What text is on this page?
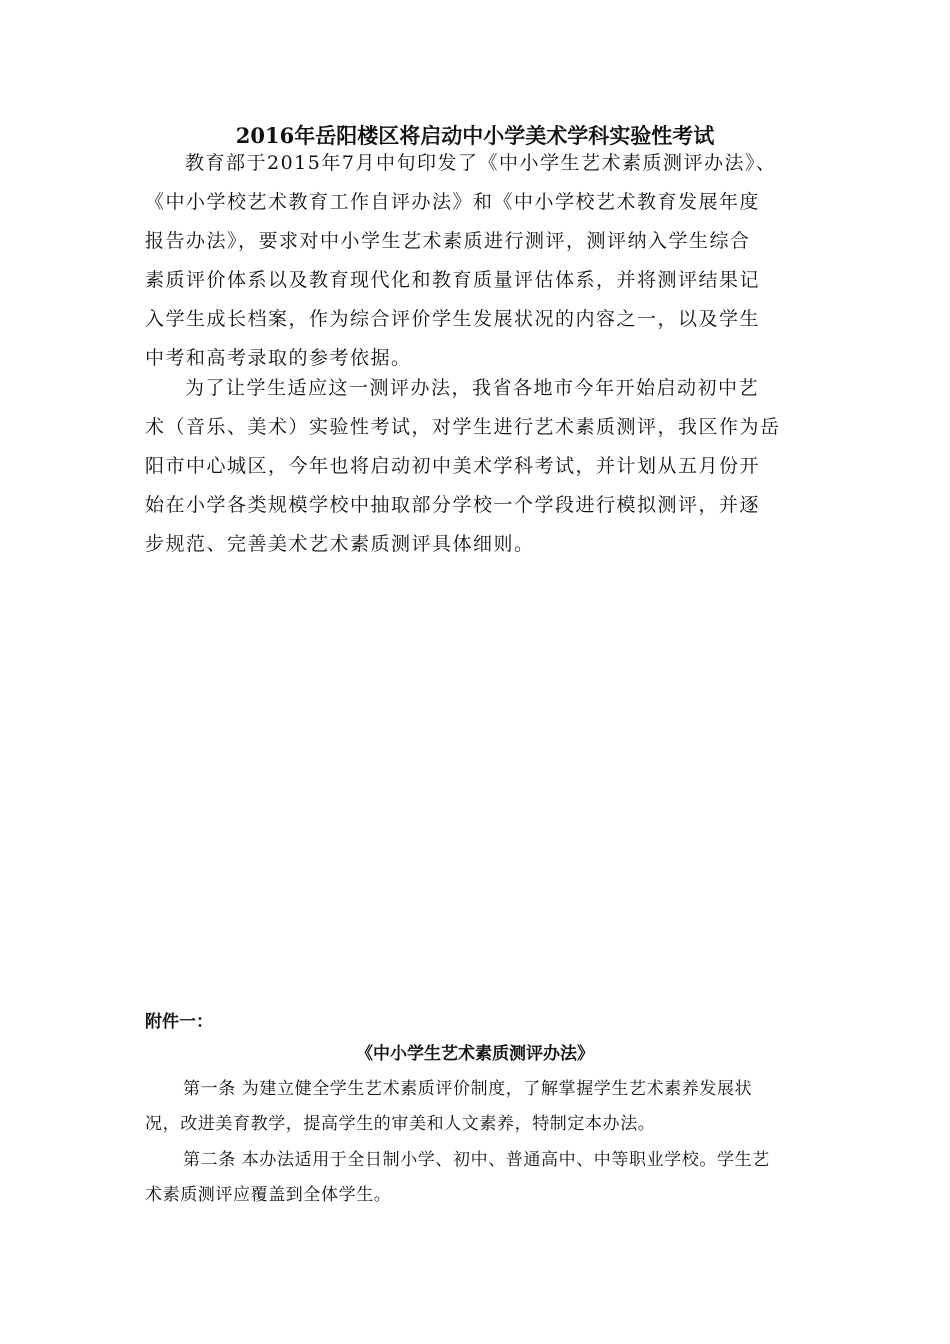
2016年岳阳楼区将启动中小学美术学科实验性考试
教育部于2015年7月中旬印发了《中小学生艺术素质测评办法》、
《中小学校艺术教育工作自评办法》和《中小学校艺术教育发展年度
报告办法》，要求对中小学生艺术素质进行测评，测评纳入学生综合
素质评价体系以及教育现代化和教育质量评估体系，并将测评结果记
入学生成长档案，作为综合评价学生发展状况的内容之一，以及学生
中考和高考录取的参考依据。
为了让学生适应这一测评办法，我省各地市今年开始启动初中艺
术（音乐、美术）实验性考试，对学生进行艺术素质测评，我区作为岳
阳市中心城区，今年也将启动初中美术学科考试，并计划从五月份开
始在小学各类规模学校中抽取部分学校一个学段进行模拟测评，并逐
步规范、完善美术艺术素质测评具体细则。
附件一：
《中小学生艺术素质测评办法》
第一条 为建立健全学生艺术素质评价制度，了解掌握学生艺术素养发展状
况，改进美育教学，提高学生的审美和人文素养，特制定本办法。
第二条 本办法适用于全日制小学、初中、普通高中、中等职业学校。学生艺
术素质测评应覆盖到全体学生。
